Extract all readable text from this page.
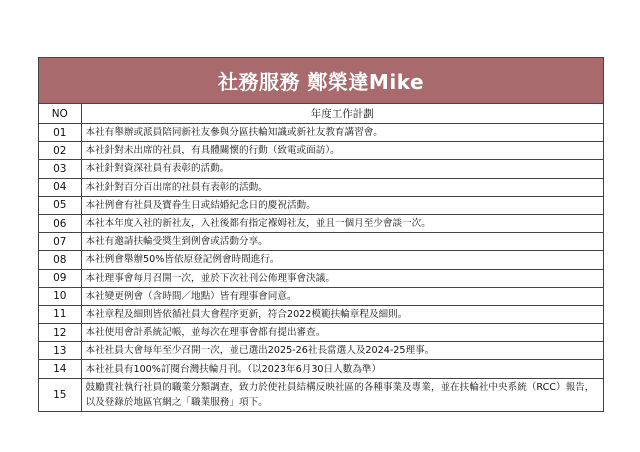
社務服務 鄭榮達Mike
NO	年度工作計劃
01	本社有舉辦或派員陪同新社友參與分區扶輪知識或新社友教育講習會。
02	本社針對未出席的社員，有具體關懷的行動（致電或面訪）。
03	本社針對資深社員有表彰的活動。
04	本社針對百分百出席的社員有表彰的活動。
05	本社例會有社員及寶眷生日或結婚紀念日的慶祝活動。
06	本社本年度入社的新社友，入社後都有指定褓姆社友，並且一個月至少會談一次。
07	本社有邀請扶輪受獎生到例會或活動分享。
08	本社例會舉辦50%皆依原登記例會時間進行。
09	本社理事會每月召開一次，並於下次社刊公佈理事會決議。
10	本社變更例會（含時間／地點）皆有理事會同意。
11	本社章程及細則皆依循社員大會程序更新，符合2022模範扶輪章程及細則。
12	本社使用會計系統記帳，並每次在理事會都有提出審查。
13	本社社員大會每年至少召開一次，並已選出2025-26社長當選人及2024-25理事。
14	本社社員有100%訂閱台灣扶輪月刊。（以2023年6月30日人數為準）
15	鼓勵貴社執行社員的職業分類調查，致力於使社員結構反映社區的各種事業及專業，並在扶輪社中央系統（RCC）報告，以及登錄於地區官網之「職業服務」項下。
